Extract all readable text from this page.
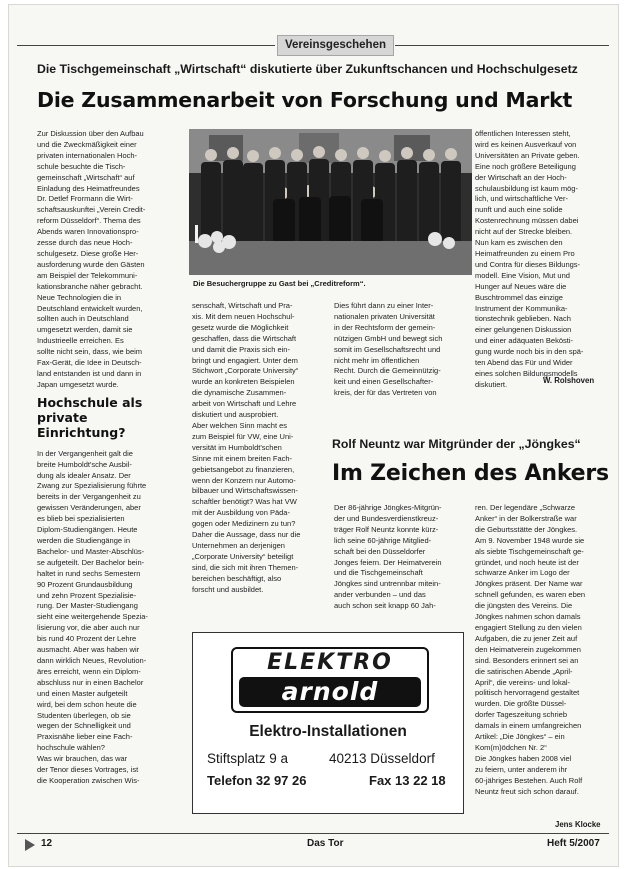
Vereinsgeschehen
Die Tischgemeinschaft „Wirtschaft“ diskutierte über Zukunftschancen und Hochschulgesetz
Die Zusammenarbeit von Forschung und Markt

Zur Diskussion über den Aufbau
und die Zweckmäßigkeit einer
privaten internationalen Hoch-
schule besuchte die Tisch-
gemeinschaft „Wirtschaft“ auf
Einladung des Heimatfreundes
Dr. Detlef Frormann die Wirt-
schaftsauskunftei „Verein Credit-
reform Düsseldorf“. Thema des
Abends waren Innovationspro-
zesse durch das neue Hoch-
schulgesetz. Diese große Her-
ausforderung wurde den Gästen
am Beispiel der Telekommuni-
kationsbranche näher gebracht.
Neue Technologien die in
Deutschland entwickelt wurden,
sollten auch in Deutschland
umgesetzt werden, damit sie
Industrieelle erreichen. Es
sollte nicht sein, dass, wie beim
Fax-Gerät, die Idee in Deutsch-
land entstanden ist und dann in
Japan umgesetzt wurde.

Hochschule als
private Einrichtung?

In der Vergangenheit galt die
breite Humboldt'sche Ausbil-
dung als idealer Ansatz. Der
Zwang zur Spezialisierung führte
bereits in der Vergangenheit zu
gewissen Veränderungen, aber
es blieb bei spezialisierten
Diplom-Studiengängen. Heute
werden die Studiengänge in
Bachelor- und Master-Abschlüs-
se aufgeteilt. Der Bachelor bein-
haltet in rund sechs Semestern
90 Prozent Grundausbildung
und zehn Prozent Spezialisie-
rung. Der Master-Studiengang
sieht eine weitergehende Spezia-
lisierung vor, die aber auch nur
bis rund 40 Prozent der Lehre
ausmacht. Aber was haben wir
dann wirklich Neues, Revolution-
äres erreicht, wenn ein Diplom-
abschluss nur in einen Bachelor
und einen Master aufgeteilt
wird, bei dem schon heute die
Studenten überlegen, ob sie
wegen der Schnelligkeit und
Praxisnähe lieber eine Fach-
hochschule wählen?

Was wir brauchen, das war
der Tenor dieses Vortrages, ist
die Kooperation zwischen Wis-

Die Besuchergruppe zu Gast bei „Creditreform“.

senschaft, Wirtschaft und Pra-
xis. Mit dem neuen Hochschul-
gesetz wurde die Möglichkeit
geschaffen, dass die Wirtschaft
und damit die Praxis sich ein-
bringt und engagiert. Unter dem
Stichwort „Corporate University“
wurde an konkreten Beispielen
die dynamische Zusammen-
arbeit von Wirtschaft und Lehre
diskutiert und ausprobiert.
Aber welchen Sinn macht es
zum Beispiel für VW, eine Uni-
versität im Humboldt'schen
Sinne mit einem breiten Fach-
gebietsangebot zu finanzieren,
wenn der Konzern nur Automo-
bilbauer und Wirtschaftswissen-
schaftler benötigt? Was hat VW
mit der Ausbildung von Päda-
gogen oder Medizinern zu tun?
Daher die Aussage, dass nur die
Unternehmen an derjenigen
„Corporate University“ beteiligt
sind, die sich mit ihren Themen-
bereichen beschäftigt, also
forscht und ausbildet.

Dies führt dann zu einer Inter-
nationalen privaten Universität
in der Rechtsform der gemein-
nützigen GmbH und bewegt sich
somit im Gesellschaftsrecht und
nicht mehr im öffentlichen
Recht. Durch die Gemeinnützig-
keit und einen Gesellschafter-
kreis, der für das Vertreten von

öffentlichen Interessen steht,
wird es keinen Ausverkauf von
Universitäten an Private geben.
Eine noch größere Beteiligung
der Wirtschaft an der Hoch-
schulausbildung ist kaum mög-
lich, und wirtschaftliche Ver-
nunft und auch eine solide
Kostenrechnung müssen dabei
nicht auf der Strecke bleiben.
Nun kam es zwischen den
Heimatfreunden zu einem Pro
und Contra für dieses Bildungs-
modell. Eine Vision, Mut und
Hunger auf Neues wäre die
Buschtrommel das einzige
Instrument der Kommunika-
tionstechnik geblieben. Nach
einer gelungenen Diskussion
und einer adäquaten Bekösti-
gung wurde noch bis in den spä-
ten Abend das Für und Wider
eines solchen Bildungsmodells
diskutiert.	W. Rolshoven
Rolf Neuntz war Mitgründer der „Jöngkes“
Im Zeichen des Ankers

Der 86-jährige Jöngkes-Mitgrün-
der und Bundesverdienstkreuz-
träger Rolf Neuntz konnte kürz-
lich seine 60-jährige Mitglied-
schaft bei den Düsseldorfer
Jonges feiern. Der Heimatverein
und die Tischgemeinschaft
Jöngkes sind untrennbar mitein-
ander verbunden – und das
auch schon seit knapp 60 Jah-

ren. Der legendäre „Schwarze
Anker“ in der Bolkerstraße war
die Geburtsstätte der Jöngkes.
Am 9. November 1948 wurde sie
als siebte Tischgemeinschaft ge-
gründet, und noch heute ist der
schwarze Anker im Logo der
Jöngkes präsent. Der Name war
schnell gefunden, es waren eben
die jüngsten des Vereins. Die
Jöngkes nahmen schon damals
engagiert Stellung zu den vielen
Aufgaben, die zu jener Zeit auf
den Heimatverein zugekommen
sind. Besonders erinnert sei an
die satirischen Abende „April-
April“, die vereins- und lokal-
politisch hervorragend gestaltet
wurden. Die größte Düssel-
dorfer Tageszeitung schrieb
damals in einem umfangreichen
Artikel: „Die Jöngkes“ – ein
Kom(m)ödchen Nr. 2“
Die Jöngkes haben 2008 viel
zu feiern, unter anderem ihr
60-jähriges Bestehen. Auch Rolf
Neuntz freut sich schon darauf.

Jens Klocke
ELEKTRO
arnold
Elektro-Installationen
Stiftsplatz 9 a	40213 Düsseldorf
Telefon 32 97 26	Fax 13 22 18
12	Das Tor	Heft 5/2007
